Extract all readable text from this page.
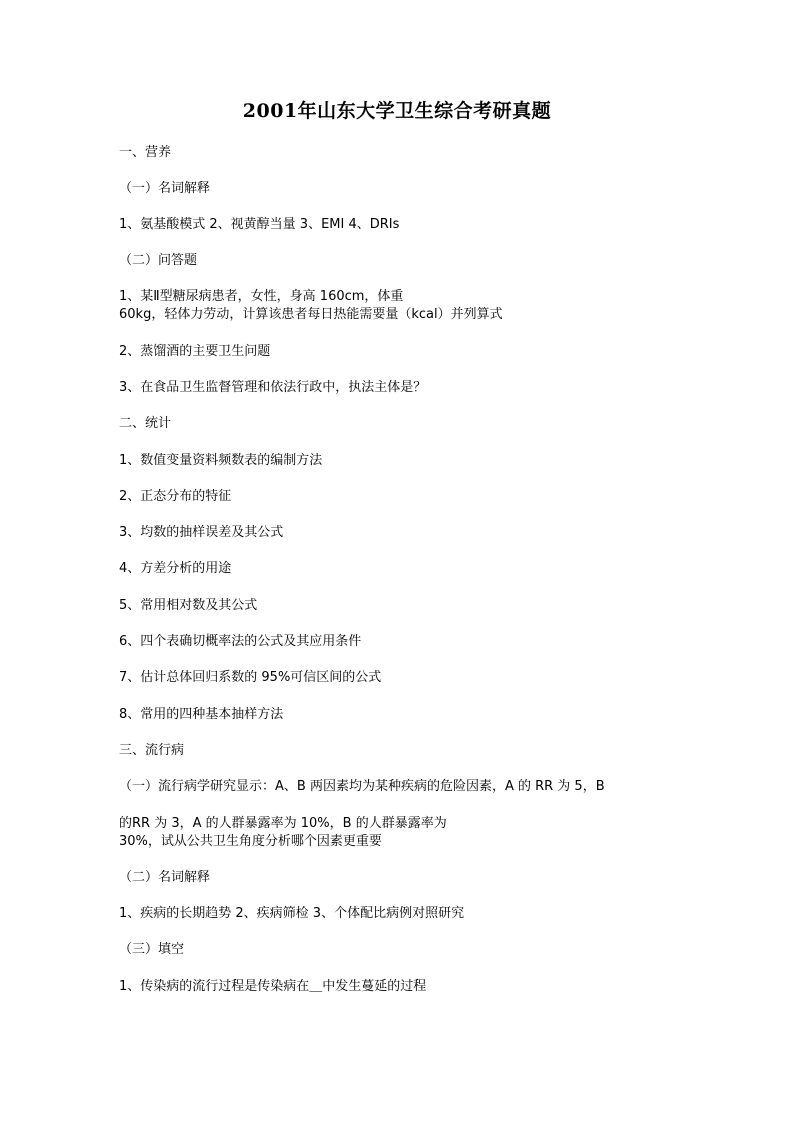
2001年山东大学卫生综合考研真题
一、营养
（一）名词解释
1、氨基酸模式 2、视黄醇当量 3、EMI 4、DRIs
（二）问答题
1、某Ⅱ型糖尿病患者，女性，身高 160cm，体重
60kg，轻体力劳动，计算该患者每日热能需要量（kcal）并列算式
2、蒸馏酒的主要卫生问题
3、在食品卫生监督管理和依法行政中，执法主体是？
二、统计
1、数值变量资料频数表的编制方法
2、正态分布的特征
3、均数的抽样误差及其公式
4、方差分析的用途
5、常用相对数及其公式
6、四个表确切概率法的公式及其应用条件
7、估计总体回归系数的 95%可信区间的公式
8、常用的四种基本抽样方法
三、流行病
（一）流行病学研究显示：A、B 两因素均为某种疾病的危险因素，A 的 RR 为 5，B
的RR 为 3，A 的人群暴露率为 10%，B 的人群暴露率为
30%，试从公共卫生角度分析哪个因素更重要
（二）名词解释
1、疾病的长期趋势 2、疾病筛检 3、个体配比病例对照研究
（三）填空
1、传染病的流行过程是传染病在＿中发生蔓延的过程
